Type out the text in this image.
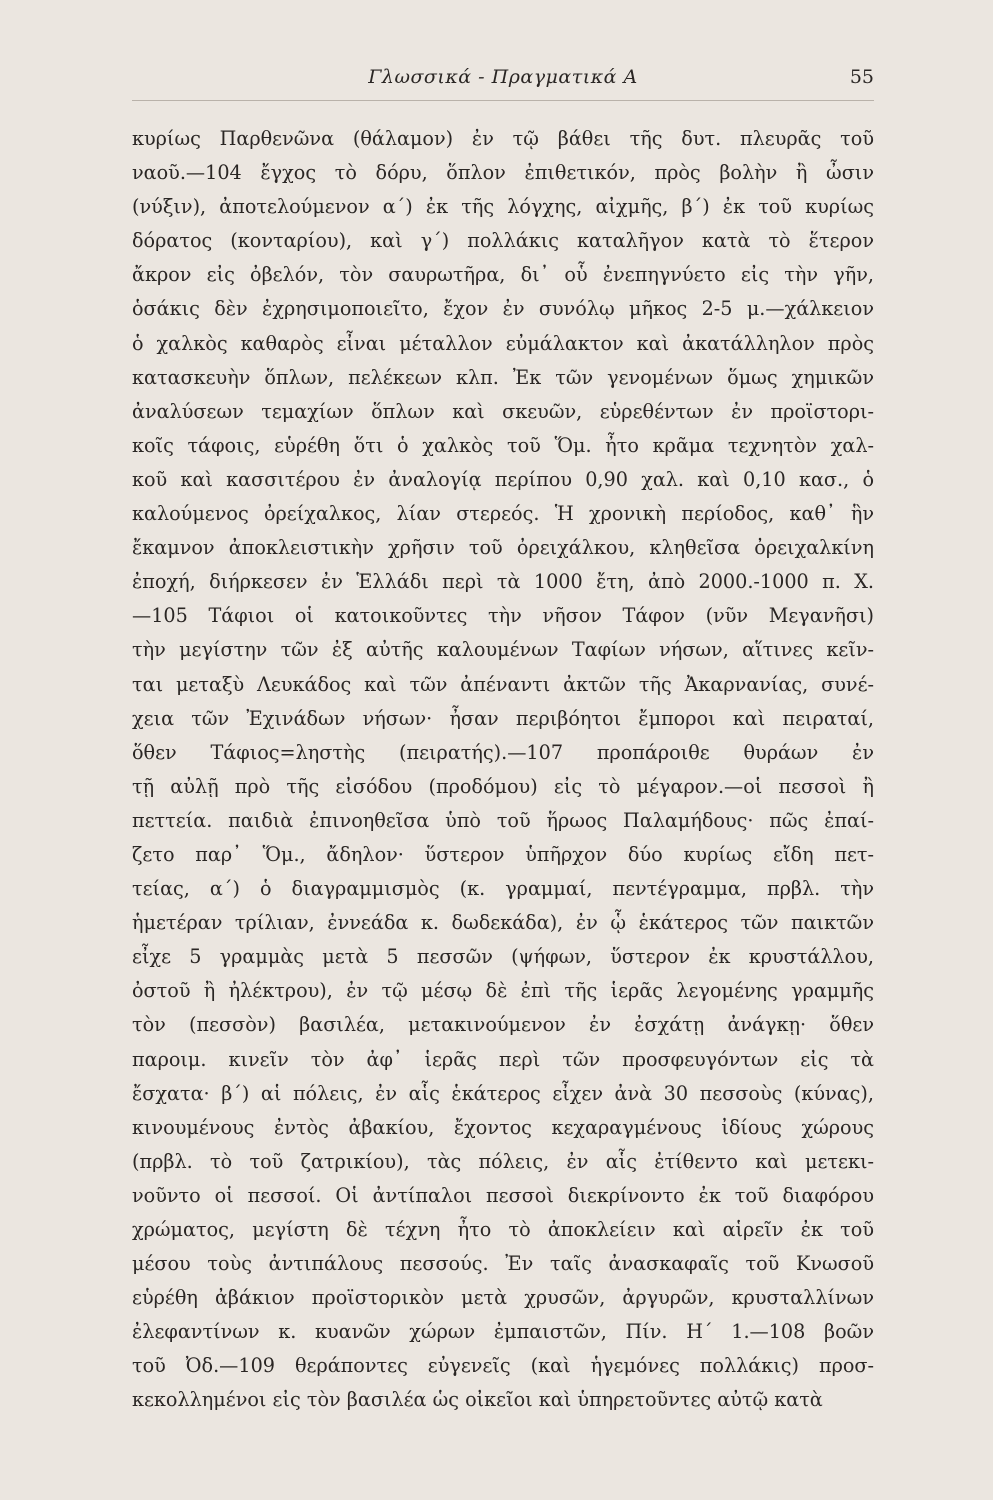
Γλωσσικά - Πραγματικά Α	55
κυρίως Παρθενῶνα (θάλαμον) ἐν τῷ βάθει τῆς δυτ. πλευρᾶς τοῦ
ναοῦ.—104 ἔγχος τὸ δόρυ, ὅπλον ἐπιθετικόν, πρὸς βολὴν ἢ ὦσιν
(νύξιν), ἀποτελούμενον α΄) ἐκ τῆς λόγχης, αἰχμῆς, β΄) ἐκ τοῦ κυρίως
δόρατος (κονταρίου), καὶ γ΄) πολλάκις καταλῆγον κατὰ τὸ ἕτερον
ἄκρον εἰς ὀβελόν, τὸν σαυρωτῆρα, δι᾿ οὗ ἐνεπηγνύετο εἰς τὴν γῆν,
ὁσάκις δὲν ἐχρησιμοποιεῖτο, ἔχον ἐν συνόλῳ μῆκος 2-5 μ.—χάλκειον
ὁ χαλκὸς καθαρὸς εἶναι μέταλλον εὐμάλακτον καὶ ἀκατάλληλον πρὸς
κατασκευὴν ὅπλων, πελέκεων κλπ. Ἐκ τῶν γενομένων ὅμως χημικῶν
ἀναλύσεων τεμαχίων ὅπλων καὶ σκευῶν, εὑρεθέντων ἐν προϊστορι-
κοῖς τάφοις, εὑρέθη ὅτι ὁ χαλκὸς τοῦ Ὅμ. ἦτο κρᾶμα τεχνητὸν χαλ-
κοῦ καὶ κασσιτέρου ἐν ἀναλογίᾳ περίπου 0,90 χαλ. καὶ 0,10 κασ., ὁ
καλούμενος ὀρείχαλκος, λίαν στερεός. Ἡ χρονικὴ περίοδος, καθ᾿ ἣν
ἔκαμνον ἀποκλειστικὴν χρῆσιν τοῦ ὀρειχάλκου, κληθεῖσα ὀρειχαλκίνη
ἐποχή, διήρκεσεν ἐν Ἑλλάδι περὶ τὰ 1000 ἔτη, ἀπὸ 2000.-1000 π. Χ.
—105 Τάφιοι οἱ κατοικοῦντες τὴν νῆσον Τάφον (νῦν Μεγανῆσι)
τὴν μεγίστην τῶν ἐξ αὐτῆς καλουμένων Ταφίων νήσων, αἵτινες κεῖν-
ται μεταξὺ Λευκάδος καὶ τῶν ἀπέναντι ἀκτῶν τῆς Ἀκαρνανίας, συνέ-
χεια τῶν Ἐχινάδων νήσων· ἦσαν περιβόητοι ἔμποροι καὶ πειραταί,
ὅθεν Τάφιος=ληστὴς (πειρατής).—107 προπάροιθε θυράων ἐν
τῇ αὐλῇ πρὸ τῆς εἰσόδου (προδόμου) εἰς τὸ μέγαρον.—οἱ πεσσοὶ ἢ
πεττεία. παιδιὰ ἐπινοηθεῖσα ὑπὸ τοῦ ἥρωος Παλαμήδους· πῶς ἐπαί-
ζετο παρ᾿ Ὅμ., ἄδηλον· ὕστερον ὑπῆρχον δύο κυρίως εἴδη πετ-
τείας, α΄) ὁ διαγραμμισμὸς (κ. γραμμαί, πεντέγραμμα, πρβλ. τὴν
ἡμετέραν τρίλιαν, ἐννεάδα κ. δωδεκάδα), ἐν ᾧ ἑκάτερος τῶν παικτῶν
εἶχε 5 γραμμὰς μετὰ 5 πεσσῶν (ψήφων, ὕστερον ἐκ κρυστάλλου,
ὀστοῦ ἢ ἠλέκτρου), ἐν τῷ μέσῳ δὲ ἐπὶ τῆς ἱερᾶς λεγομένης γραμμῆς
τὸν (πεσσὸν) βασιλέα, μετακινούμενον ἐν ἐσχάτῃ ἀνάγκῃ· ὅθεν
παροιμ. κινεῖν τὸν ἀφ᾿ ἱερᾶς περὶ τῶν προσφευγόντων εἰς τὰ
ἔσχατα· β΄) αἱ πόλεις, ἐν αἷς ἑκάτερος εἶχεν ἀνὰ 30 πεσσοὺς (κύνας),
κινουμένους ἐντὸς ἀβακίου, ἔχοντος κεχαραγμένους ἰδίους χώρους
(πρβλ. τὸ τοῦ ζατρικίου), τὰς πόλεις, ἐν αἷς ἐτίθεντο καὶ μετεκι-
νοῦντο οἱ πεσσοί. Οἱ ἀντίπαλοι πεσσοὶ διεκρίνοντο ἐκ τοῦ διαφόρου
χρώματος, μεγίστη δὲ τέχνη ἦτο τὸ ἀποκλείειν καὶ αἱρεῖν ἐκ τοῦ
μέσου τοὺς ἀντιπάλους πεσσούς. Ἐν ταῖς ἀνασκαφαῖς τοῦ Κνωσοῦ
εὑρέθη ἀβάκιον προϊστορικὸν μετὰ χρυσῶν, ἀργυρῶν, κρυσταλλίνων
ἐλεφαντίνων κ. κυανῶν χώρων ἐμπαιστῶν, Πίν. Η΄ 1.—108 βοῶν
τοῦ Ὀδ.—109 θεράποντες εὐγενεῖς (καὶ ἡγεμόνες πολλάκις) προσ-
κεκολλημένοι εἰς τὸν βασιλέα ὡς οἰκεῖοι καὶ ὑπηρετοῦντες αὐτῷ κατὰ
